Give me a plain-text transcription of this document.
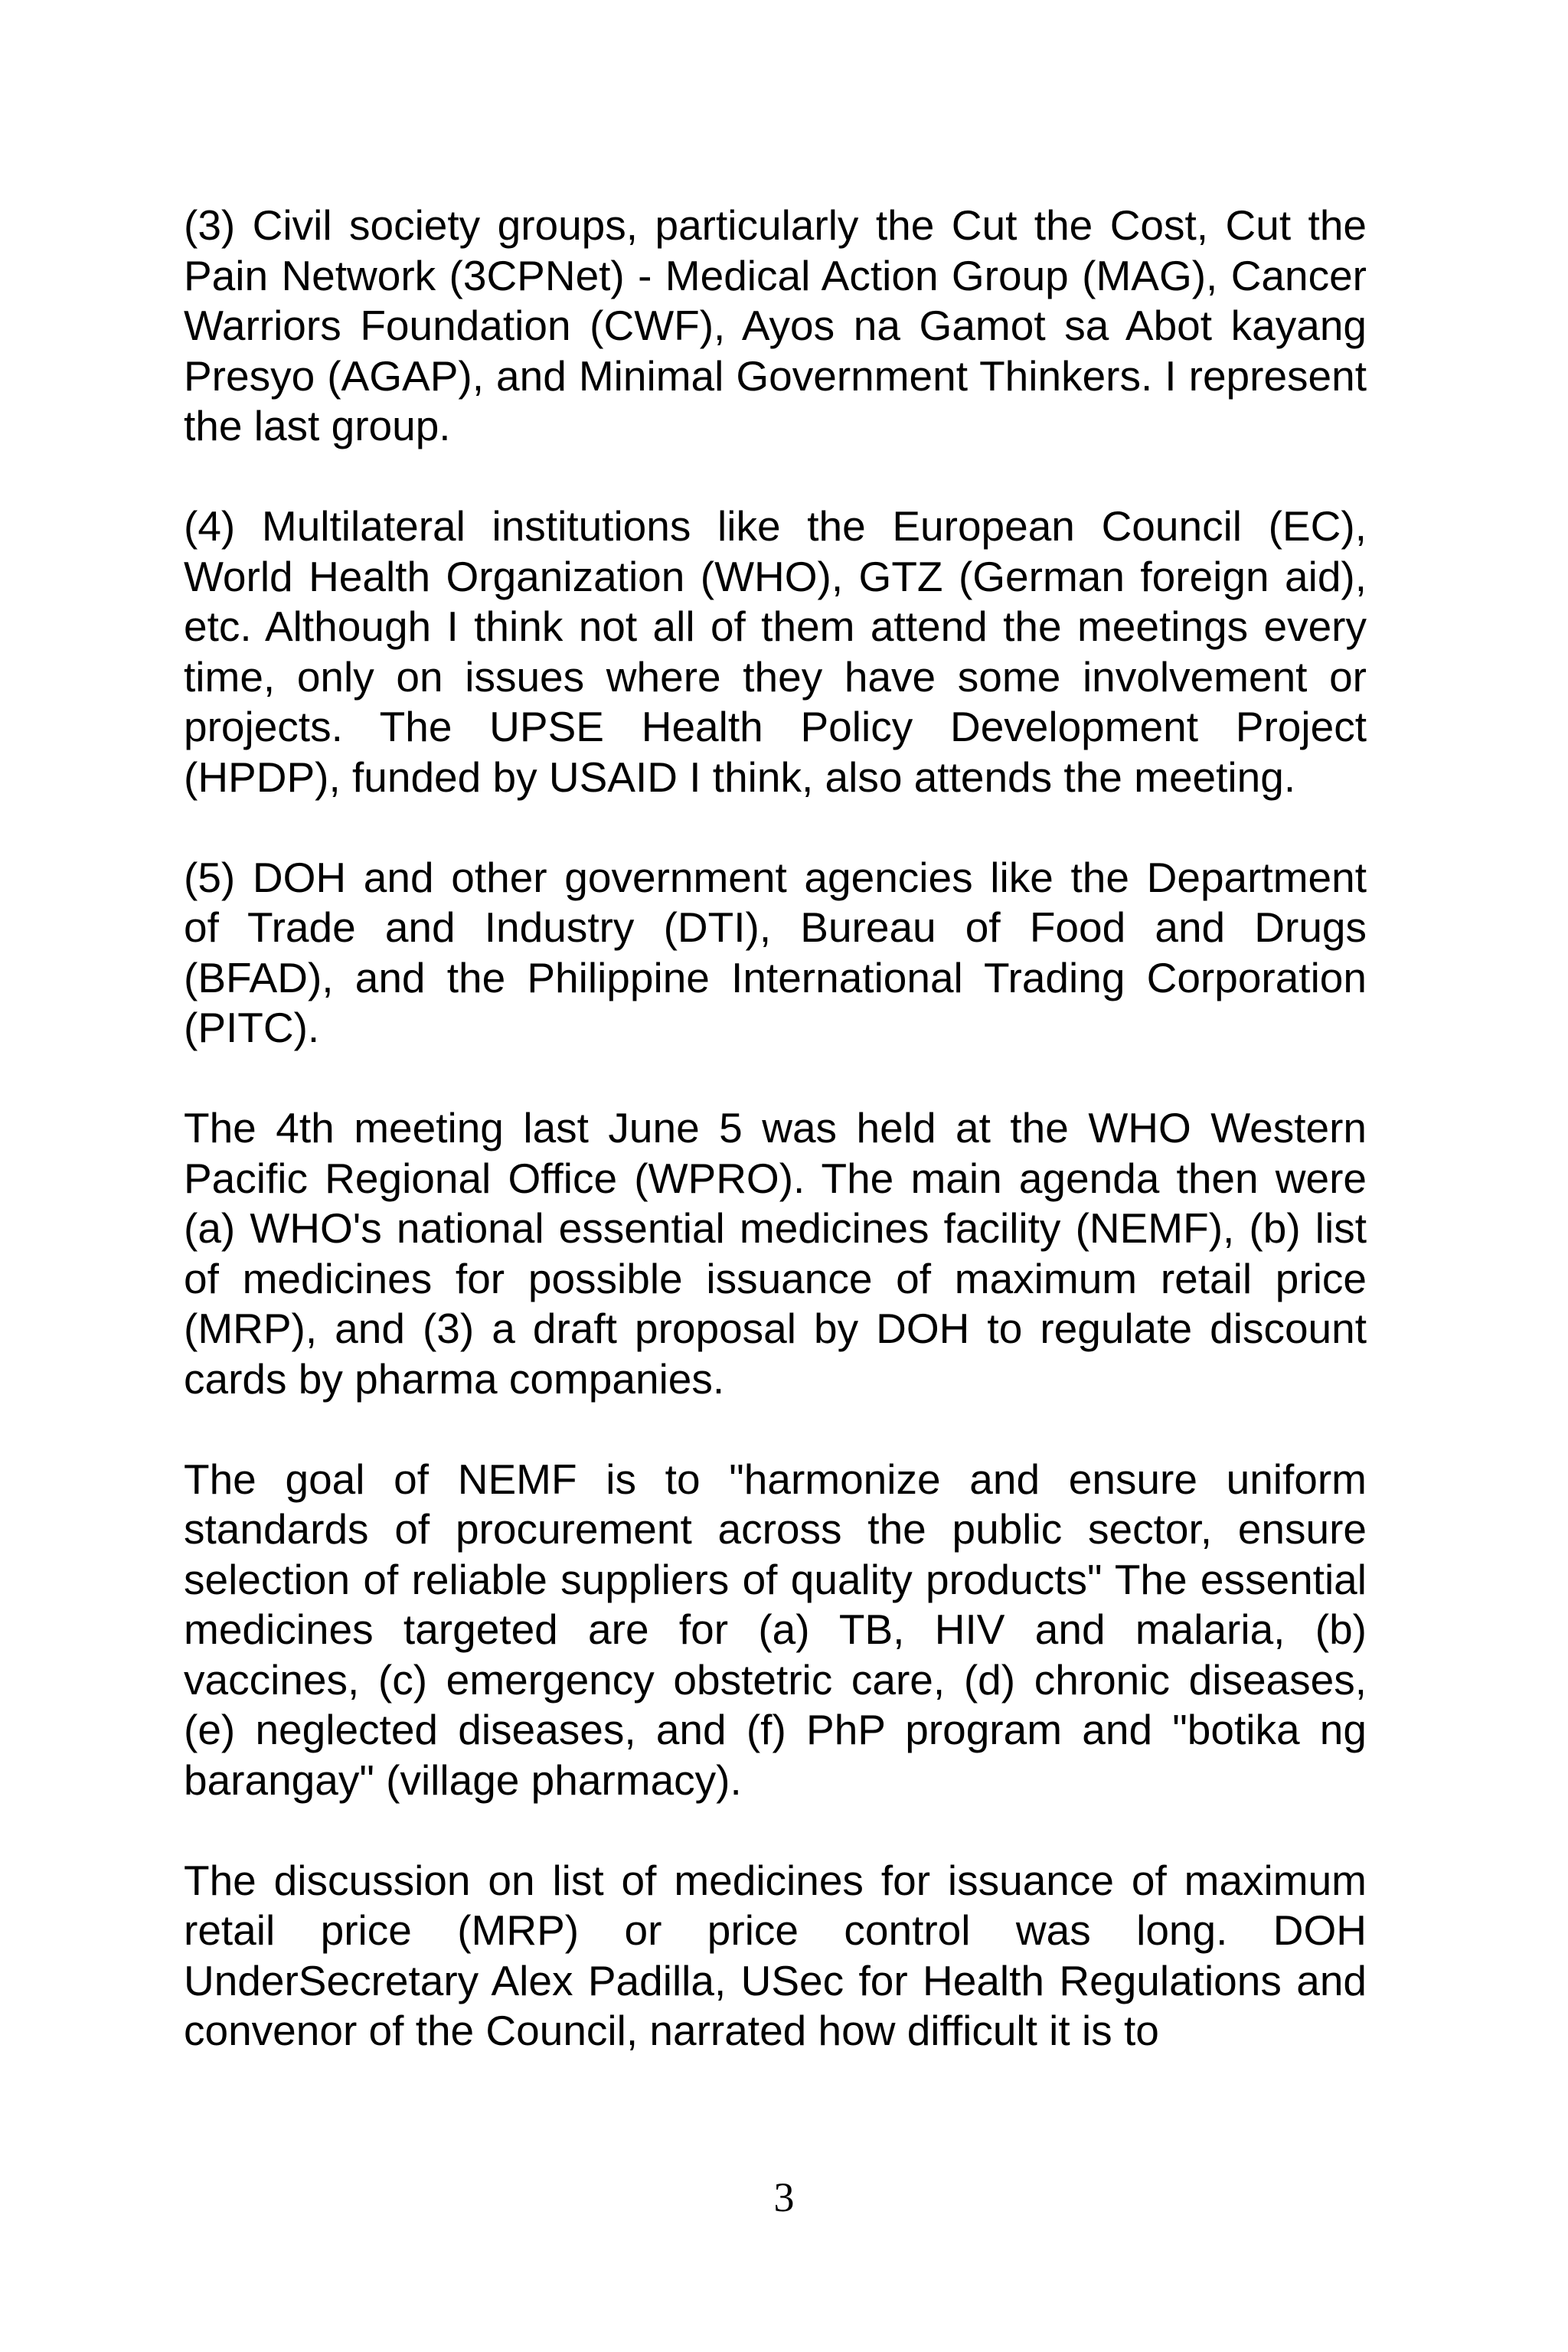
(3) Civil society groups, particularly the Cut the Cost, Cut the Pain Network (3CPNet) - Medical Action Group (MAG), Cancer Warriors Foundation (CWF), Ayos na Gamot sa Abot kayang Presyo (AGAP), and Minimal Government Thinkers. I represent the last group.

(4) Multilateral institutions like the European Council (EC), World Health Organization (WHO), GTZ (German foreign aid), etc. Although I think not all of them attend the meetings every time, only on issues where they have some involvement or projects. The UPSE Health Policy Development Project (HPDP), funded by USAID I think, also attends the meeting.

(5) DOH and other government agencies like the Department of Trade and Industry (DTI), Bureau of Food and Drugs (BFAD), and the Philippine International Trading Corporation (PITC).

The 4th meeting last June 5 was held at the WHO Western Pacific Regional Office (WPRO). The main agenda then were (a) WHO's national essential medicines facility (NEMF), (b) list of medicines for possible issuance of maximum retail price (MRP), and (3) a draft proposal by DOH to regulate discount cards by pharma companies.

The goal of NEMF is to "harmonize and ensure uniform standards of procurement across the public sector, ensure selection of reliable suppliers of quality products" The essential medicines targeted are for (a) TB, HIV and malaria, (b) vaccines, (c) emergency obstetric care, (d) chronic diseases, (e) neglected diseases, and (f) PhP program and "botika ng barangay" (village pharmacy).

The discussion on list of medicines for issuance of maximum retail price (MRP) or price control was long. DOH UnderSecretary Alex Padilla, USec for Health Regulations and convenor of the Council, narrated how difficult it is to

3
